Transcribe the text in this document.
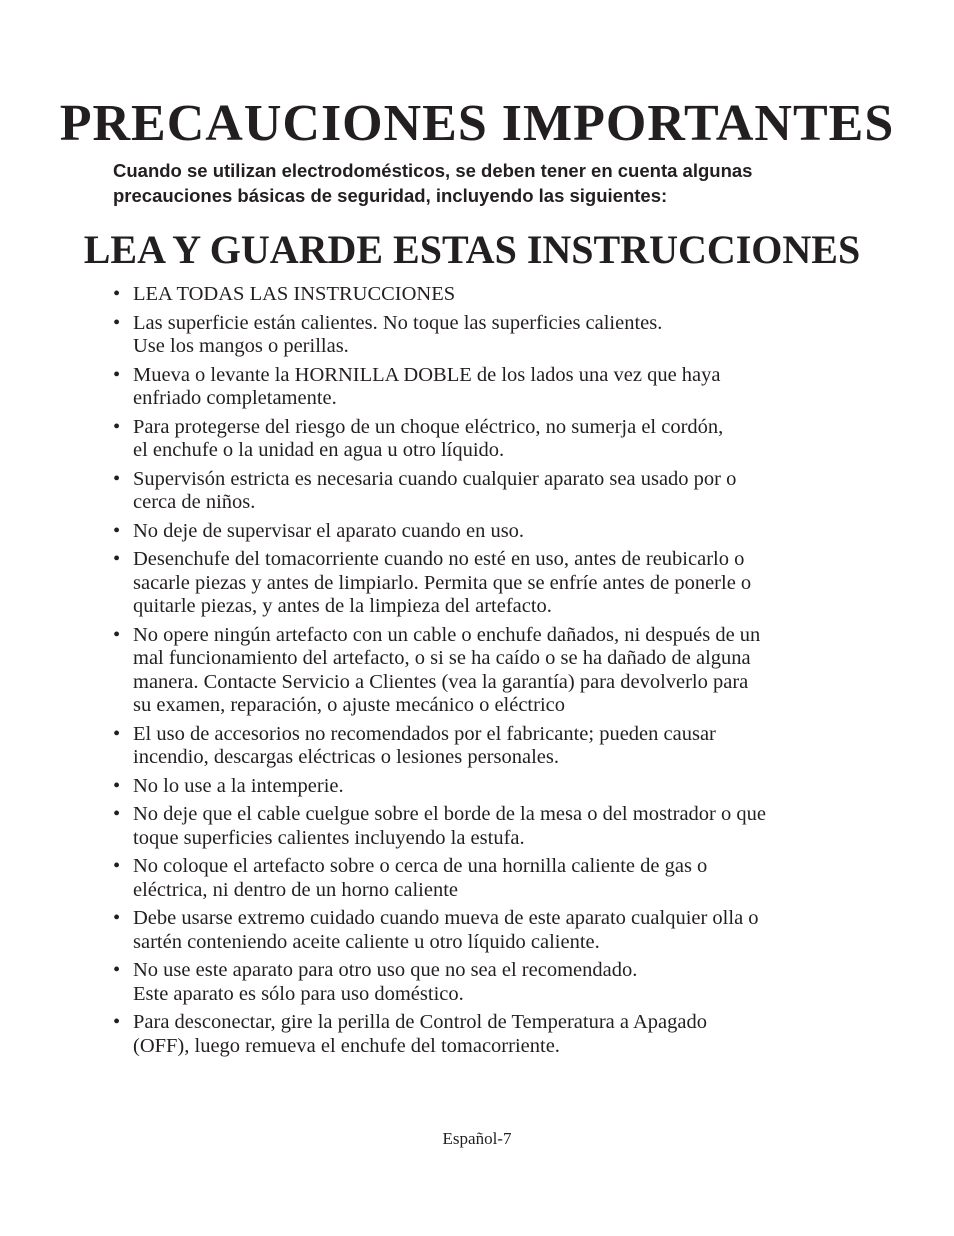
PRECAUCIONES IMPORTANTES

Cuando se utilizan electrodomésticos, se deben tener en cuenta algunas
precauciones básicas de seguridad, incluyendo las siguientes:

LEA Y GUARDE ESTAS INSTRUCCIONES
• LEA TODAS LAS INSTRUCCIONES
• Las superficie están calientes. No toque las superficies calientes.
Use los mangos o perillas.
• Mueva o levante la HORNILLA DOBLE de los lados una vez que haya
enfriado completamente.
• Para protegerse del riesgo de un choque eléctrico, no sumerja el cordón,
el enchufe o la unidad en agua u otro líquido.
• Supervisón estricta es necesaria cuando cualquier aparato sea usado por o
cerca de niños.
• No deje de supervisar el aparato cuando en uso.
• Desenchufe del tomacorriente cuando no esté en uso, antes de reubicarlo o
sacarle piezas y antes de limpiarlo. Permita que se enfríe antes de ponerle o
quitarle piezas, y antes de la limpieza del artefacto.
• No opere ningún artefacto con un cable o enchufe dañados, ni después de un
mal funcionamiento del artefacto, o si se ha caído o se ha dañado de alguna
manera. Contacte Servicio a Clientes (vea la garantía) para devolverlo para
su examen, reparación, o ajuste mecánico o eléctrico
• El uso de accesorios no recomendados por el fabricante; pueden causar
incendio, descargas eléctricas o lesiones personales.
• No lo use a la intemperie.
• No deje que el cable cuelgue sobre el borde de la mesa o del mostrador o que
toque superficies calientes incluyendo la estufa.
• No coloque el artefacto sobre o cerca de una hornilla caliente de gas o
eléctrica, ni dentro de un horno caliente
• Debe usarse extremo cuidado cuando mueva de este aparato cualquier olla o
sartén conteniendo aceite caliente u otro líquido caliente.
• No use este aparato para otro uso que no sea el recomendado.
Este aparato es sólo para uso doméstico.
• Para desconectar, gire la perilla de Control de Temperatura a Apagado
(OFF), luego remueva el enchufe del tomacorriente.

Español-7
